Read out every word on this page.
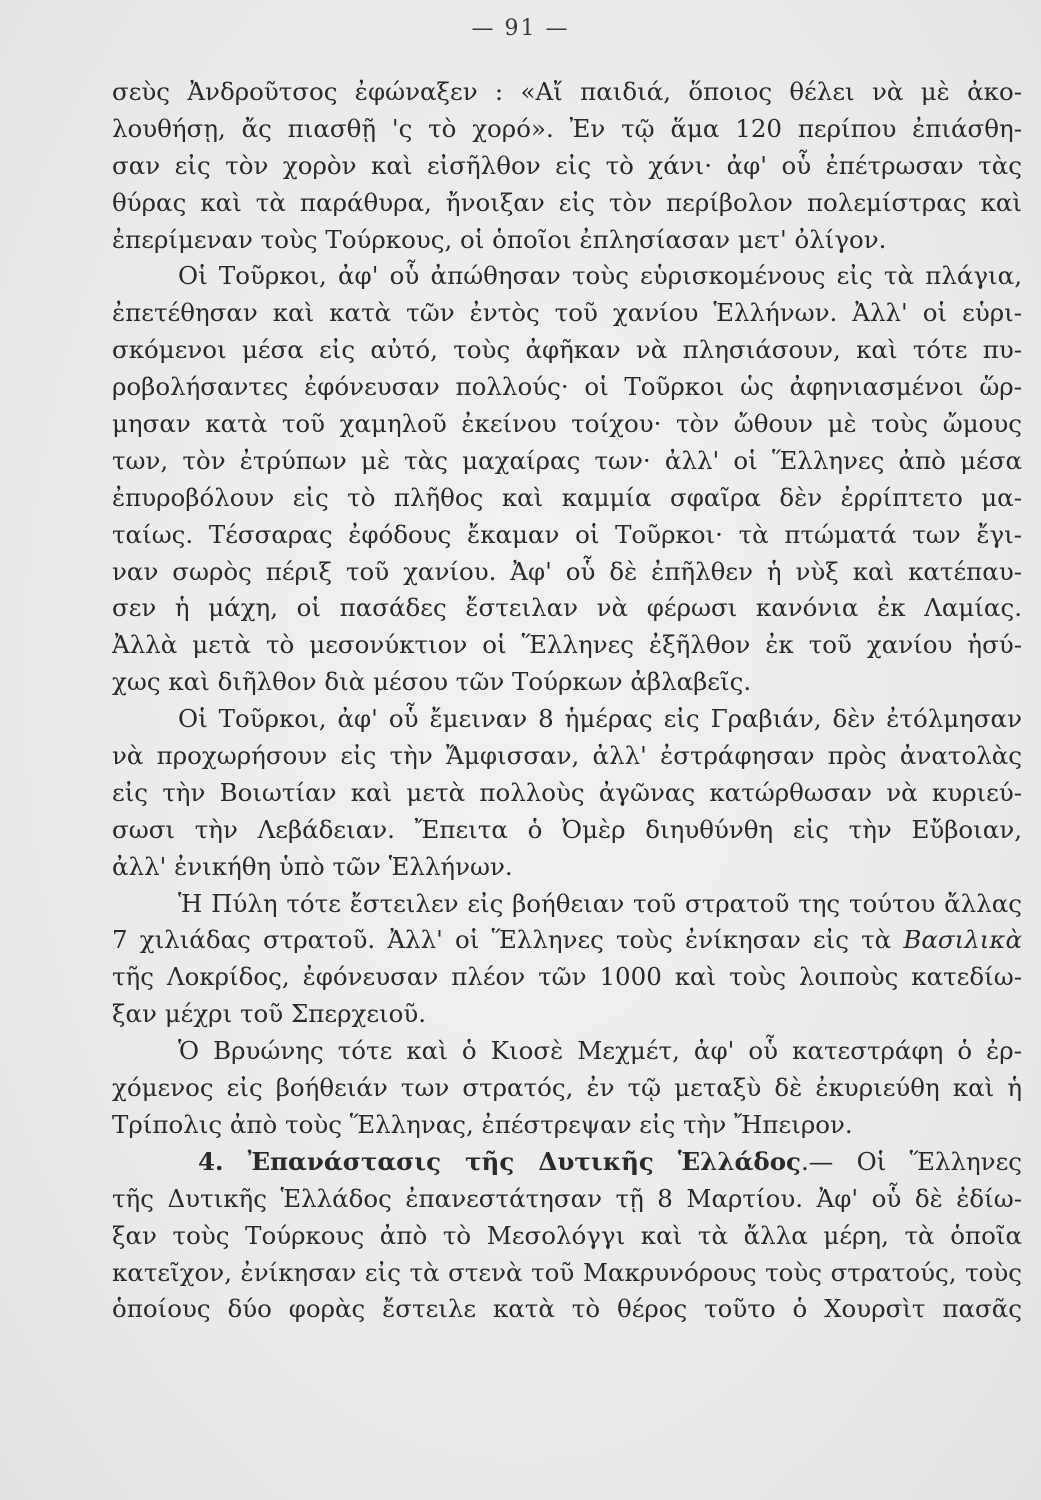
— 91 —
σεὺς Ἀνδροῦτσος ἐφώναξεν : «Αἴ παιδιά, ὅποιος θέλει νὰ μὲ ἀκο-
λουθήσῃ, ἄς πιασθῇ 'ς τὸ χορό». Ἐν τῷ ἅμα 120 περίπου ἐπιάσθη-
σαν εἰς τὸν χορὸν καὶ εἰσῆλθον εἰς τὸ χάνι· ἀφ' οὗ ἐπέτρωσαν τὰς
θύρας καὶ τὰ παράθυρα, ἤνοιξαν εἰς τὸν περίβολον πολεμίστρας καὶ
ἐπερίμεναν τοὺς Τούρκους, οἱ ὁποῖοι ἐπλησίασαν μετ' ὀλίγον.
Οἱ Τοῦρκοι, ἀφ' οὗ ἀπώθησαν τοὺς εὑρισκομένους εἰς τὰ πλάγια,
ἐπετέθησαν καὶ κατὰ τῶν ἐντὸς τοῦ χανίου Ἑλλήνων. Ἀλλ' οἱ εὑρι-
σκόμενοι μέσα εἰς αὐτό, τοὺς ἀφῆκαν νὰ πλησιάσουν, καὶ τότε πυ-
ροβολήσαντες ἐφόνευσαν πολλούς· οἱ Τοῦρκοι ὡς ἀφηνιασμένοι ὥρ-
μησαν κατὰ τοῦ χαμηλοῦ ἐκείνου τοίχου· τὸν ὤθουν μὲ τοὺς ὤμους
των, τὸν ἐτρύπων μὲ τὰς μαχαίρας των· ἀλλ' οἱ Ἕλληνες ἀπὸ μέσα
ἐπυροβόλουν εἰς τὸ πλῆθος καὶ καμμία σφαῖρα δὲν ἐρρίπτετο μα-
ταίως. Τέσσαρας ἐφόδους ἔκαμαν οἱ Τοῦρκοι· τὰ πτώματά των ἔγι-
ναν σωρὸς πέριξ τοῦ χανίου. Ἀφ' οὗ δὲ ἐπῆλθεν ἡ νὺξ καὶ κατέπαυ-
σεν ἡ μάχη, οἱ πασάδες ἔστειλαν νὰ φέρωσι κανόνια ἐκ Λαμίας.
Ἀλλὰ μετὰ τὸ μεσονύκτιον οἱ Ἕλληνες ἐξῆλθον ἐκ τοῦ χανίου ἡσύ-
χως καὶ διῆλθον διὰ μέσου τῶν Τούρκων ἀβλαβεῖς.
Οἱ Τοῦρκοι, ἀφ' οὗ ἔμειναν 8 ἡμέρας εἰς Γραβιάν, δὲν ἐτόλμησαν
νὰ προχωρήσουν εἰς τὴν Ἄμφισσαν, ἀλλ' ἐστράφησαν πρὸς ἀνατολὰς
εἰς τὴν Βοιωτίαν καὶ μετὰ πολλοὺς ἀγῶνας κατώρθωσαν νὰ κυριεύ-
σωσι τὴν Λεβάδειαν. Ἔπειτα ὁ Ὀμὲρ διηυθύνθη εἰς τὴν Εὔβοιαν,
ἀλλ' ἐνικήθη ὑπὸ τῶν Ἑλλήνων.
Ἡ Πύλη τότε ἔστειλεν εἰς βοήθειαν τοῦ στρατοῦ της τούτου ἄλλας
7 χιλιάδας στρατοῦ. Ἀλλ' οἱ Ἕλληνες τοὺς ἐνίκησαν εἰς τὰ Βασιλικὰ
τῆς Λοκρίδος, ἐφόνευσαν πλέον τῶν 1000 καὶ τοὺς λοιποὺς κατεδίω-
ξαν μέχρι τοῦ Σπερχειοῦ.
Ὁ Βρυώνης τότε καὶ ὁ Κιοσὲ Μεχμέτ, ἀφ' οὗ κατεστράφη ὁ ἐρ-
χόμενος εἰς βοήθειάν των στρατός, ἐν τῷ μεταξὺ δὲ ἐκυριεύθη καὶ ἡ
Τρίπολις ἀπὸ τοὺς Ἕλληνας, ἐπέστρεψαν εἰς τὴν Ἤπειρον.
4. Ἐπανάστασις τῆς Δυτικῆς Ἑλλάδος.— Οἱ Ἕλληνες
τῆς Δυτικῆς Ἑλλάδος ἐπανεστάτησαν τῇ 8 Μαρτίου. Ἀφ' οὗ δὲ ἐδίω-
ξαν τοὺς Τούρκους ἀπὸ τὸ Μεσολόγγι καὶ τὰ ἄλλα μέρη, τὰ ὁποῖα
κατεῖχον, ἐνίκησαν εἰς τὰ στενὰ τοῦ Μακρυνόρους τοὺς στρατούς, τοὺς
ὁποίους δύο φορὰς ἔστειλε κατὰ τὸ θέρος τοῦτο ὁ Χουρσὶτ πασᾶς
